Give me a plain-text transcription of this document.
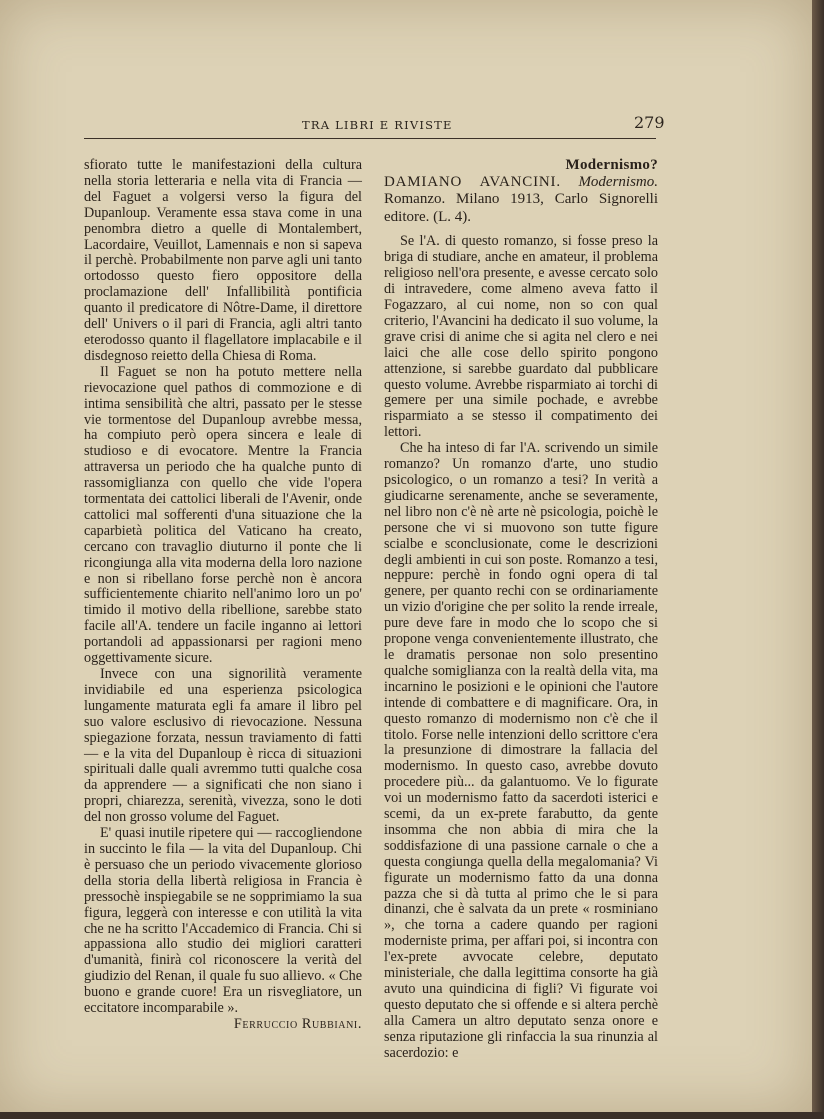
TRA LIBRI E RIVISTE	279

sfiorato tutte le manifestazioni della cultura nella storia letteraria e nella vita di Francia — del Faguet a volgersi verso la figura del Dupanloup. Veramente essa stava come in una penombra dietro a quelle di Montalembert, Lacordaire, Veuillot, Lamennais e non si sapeva il perchè. Probabilmente non parve agli uni tanto ortodosso questo fiero oppositore della proclamazione dell' Infallibilità pontificia quanto il predicatore di Nôtre-Dame, il direttore dell' Univers o il pari di Francia, agli altri tanto eterodosso quanto il flagellatore implacabile e il disdegnoso reietto della Chiesa di Roma.

Il Faguet se non ha potuto mettere nella rievocazione quel pathos di commozione e di intima sensibilità che altri, passato per le stesse vie tormentose del Dupanloup avrebbe messa, ha compiuto però opera sincera e leale di studioso e di evocatore. Mentre la Francia attraversa un periodo che ha qualche punto di rassomiglianza con quello che vide l'opera tormentata dei cattolici liberali de l'Avenir, onde cattolici mal sofferenti d'una situazione che la caparbietà politica del Vaticano ha creato, cercano con travaglio diuturno il ponte che li ricongiunga alla vita moderna della loro nazione e non si ribellano forse perchè non è ancora sufficientemente chiarito nell'animo loro un po' timido il motivo della ribellione, sarebbe stato facile all'A. tendere un facile inganno ai lettori portandoli ad appassionarsi per ragioni meno oggettivamente sicure.

Invece con una signorilità veramente invidiabile ed una esperienza psicologica lungamente maturata egli fa amare il libro pel suo valore esclusivo di rievocazione. Nessuna spiegazione forzata, nessun traviamento di fatti — e la vita del Dupanloup è ricca di situazioni spirituali dalle quali avremmo tutti qualche cosa da apprendere — a significati che non siano i propri, chiarezza, serenità, vivezza, sono le doti del non grosso volume del Faguet.

E' quasi inutile ripetere qui — raccogliendone in succinto le fila — la vita del Dupanloup. Chi è persuaso che un periodo vivacemente glorioso della storia della libertà religiosa in Francia è pressochè inspiegabile se ne sopprimiamo la sua figura, leggerà con interesse e con utilità la vita che ne ha scritto l'Accademico di Francia. Chi si appassiona allo studio dei migliori caratteri d'umanità, finirà col riconoscere la verità del giudizio del Renan, il quale fu suo allievo. « Che buono e grande cuore! Era un risvegliatore, un eccitatore incomparabile ».

Ferruccio Rubbiani.

Modernismo?

DAMIANO AVANCINI. Modernismo. Romanzo. Milano 1913, Carlo Signorelli editore. (L. 4).

Se l'A. di questo romanzo, si fosse preso la briga di studiare, anche en amateur, il problema religioso nell'ora presente, e avesse cercato solo di intravedere, come almeno aveva fatto il Fogazzaro, al cui nome, non so con qual criterio, l'Avancini ha dedicato il suo volume, la grave crisi di anime che si agita nel clero e nei laici che alle cose dello spirito pongono attenzione, si sarebbe guardato dal pubblicare questo volume. Avrebbe risparmiato ai torchi di gemere per una simile pochade, e avrebbe risparmiato a se stesso il compatimento dei lettori.

Che ha inteso di far l'A. scrivendo un simile romanzo? Un romanzo d'arte, uno studio psicologico, o un romanzo a tesi? In verità a giudicarne serenamente, anche se severamente, nel libro non c'è nè arte nè psicologia, poichè le persone che vi si muovono son tutte figure scialbe e sconclusionate, come le descrizioni degli ambienti in cui son poste. Romanzo a tesi, neppure: perchè in fondo ogni opera di tal genere, per quanto rechi con se ordinariamente un vizio d'origine che per solito la rende irreale, pure deve fare in modo che lo scopo che si propone venga convenientemente illustrato, che le dramatis personae non solo presentino qualche somiglianza con la realtà della vita, ma incarnino le posizioni e le opinioni che l'autore intende di combattere e di magnificare. Ora, in questo romanzo di modernismo non c'è che il titolo. Forse nelle intenzioni dello scrittore c'era la presunzione di dimostrare la fallacia del modernismo. In questo caso, avrebbe dovuto procedere più... da galantuomo. Ve lo figurate voi un modernismo fatto da sacerdoti isterici e scemi, da un ex-prete farabutto, da gente insomma che non abbia di mira che la soddisfazione di una passione carnale o che a questa congiunga quella della megalomania? Vi figurate un modernismo fatto da una donna pazza che si dà tutta al primo che le si para dinanzi, che è salvata da un prete « rosminiano », che torna a cadere quando per ragioni moderniste prima, per affari poi, si incontra con l'ex-prete avvocate celebre, deputato ministeriale, che dalla legittima consorte ha già avuto una quindicina di figli? Vi figurate voi questo deputato che si offende e si altera perchè alla Camera un altro deputato senza onore e senza riputazione gli rinfaccia la sua rinunzia al sacerdozio: e
